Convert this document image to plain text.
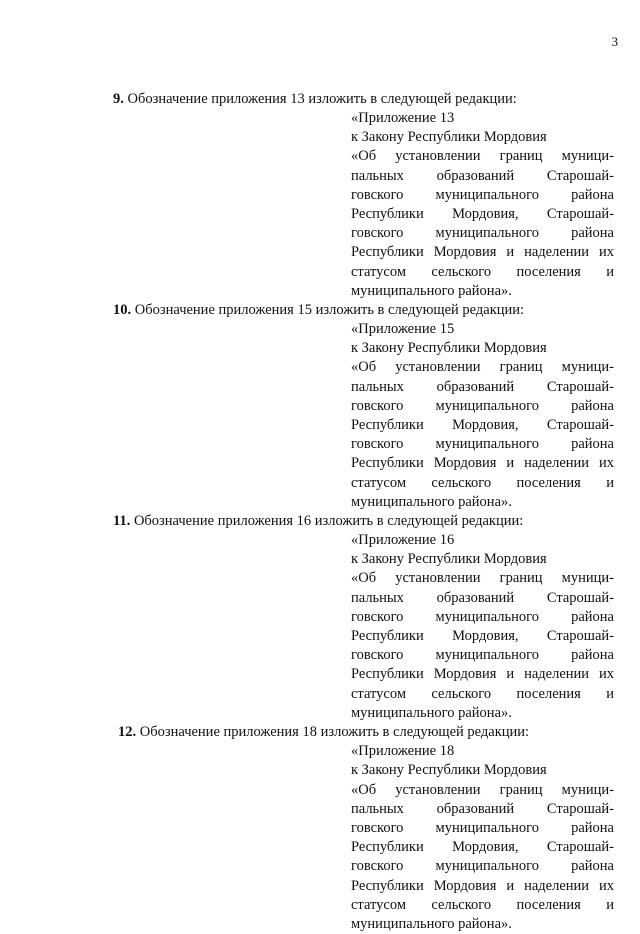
3
9. Обозначение приложения 13 изложить в следующей редакции:
«Приложение 13
к Закону Республики Мордовия
«Об установлении границ муници-
пальных образований Старошай-
говского муниципального района
Республики Мордовия, Старошай-
говского муниципального района
Республики Мордовия и наделении их
статусом сельского поселения и
муниципального района».
10. Обозначение приложения 15 изложить в следующей редакции:
«Приложение 15
к Закону Республики Мордовия
«Об установлении границ муници-
пальных образований Старошай-
говского муниципального района
Республики Мордовия, Старошай-
говского муниципального района
Республики Мордовия и наделении их
статусом сельского поселения и
муниципального района».
11. Обозначение приложения 16 изложить в следующей редакции:
«Приложение 16
к Закону Республики Мордовия
«Об установлении границ муници-
пальных образований Старошай-
говского муниципального района
Республики Мордовия, Старошай-
говского муниципального района
Республики Мордовия и наделении их
статусом сельского поселения и
муниципального района».
12. Обозначение приложения 18 изложить в следующей редакции:
«Приложение 18
к Закону Республики Мордовия
«Об установлении границ муници-
пальных образований Старошай-
говского муниципального района
Республики Мордовия, Старошай-
говского муниципального района
Республики Мордовия и наделении их
статусом сельского поселения и
муниципального района».
